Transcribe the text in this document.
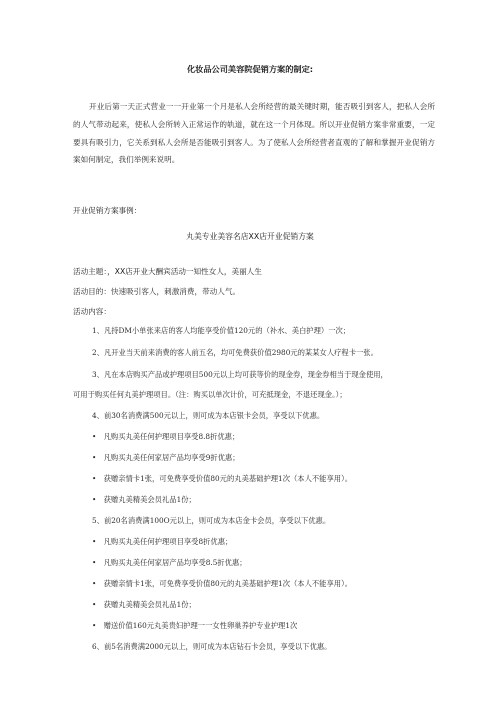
化妆品公司美容院促销方案的制定:
开业后第一天正式营业一一开业第一个月是私人会所经营的最关键时期，能否吸引到客人，把私人会所的人气带动起来，使私人会所转入正常运作的轨道，就在这一个月体现。所以开业促销方案非常重要，一定要具有吸引力，它关系到私人会所是否能吸引到客人。为了使私人会所经营者直观的了解和掌握开业促销方案如何制定，我们举例来说明。
开业促销方案事例：
丸美专业美容名店XX店开业促销方案
活动主题：，XX店开业大酬宾活动一知性女人，美丽人生
活动目的：快速吸引客人，刺激消费，带动人气。
活动内容：
1、凡持DM小单张来店的客人均能享受价值120元的（补水、美白护理）一次；
2、凡开业当天前来消费的客人前五名，均可免费获价值2980元的某某女人疗程卡一张。
3、凡在本店购买产品或护理项目500元以上均可获等价的现金券，现金券相当于现金使用，
可用于购买任何丸美护理项目。（注：购买以单次计价，可充抵现金，不退还现金。）；
4、前30名消费满500元以上，则可成为本店银卡会员，享受以下优惠。
•　凡购买丸美任何护理项目享受8.8折优惠；
•　凡购买丸美任何家居产品均享受9折优惠；
•　获赠亲情卡1张，可免费享受价值80元的丸美基础护理1次（本人不能享用）。
•　获赠丸美精美会员礼品1份；
5、前20名消费满100O元以上，则可成为本店金卡会员，享受以下优惠。
•　凡购买丸美任何护理项目享受8折优惠；
•　凡购买丸美任何家居产品均享受8.5折优惠；
•　获赠亲情卡1张，可免费享受价值80元的丸美基础护理1次（本人不能享用）。
•　获赠丸美精美会员礼品1份；
•　赠送价值160元丸美贵妇护理一一女性卵巢养护专业护理1次
6、前5名消费满2000元以上，则可成为本店钻石卡会员，享受以下优惠。
